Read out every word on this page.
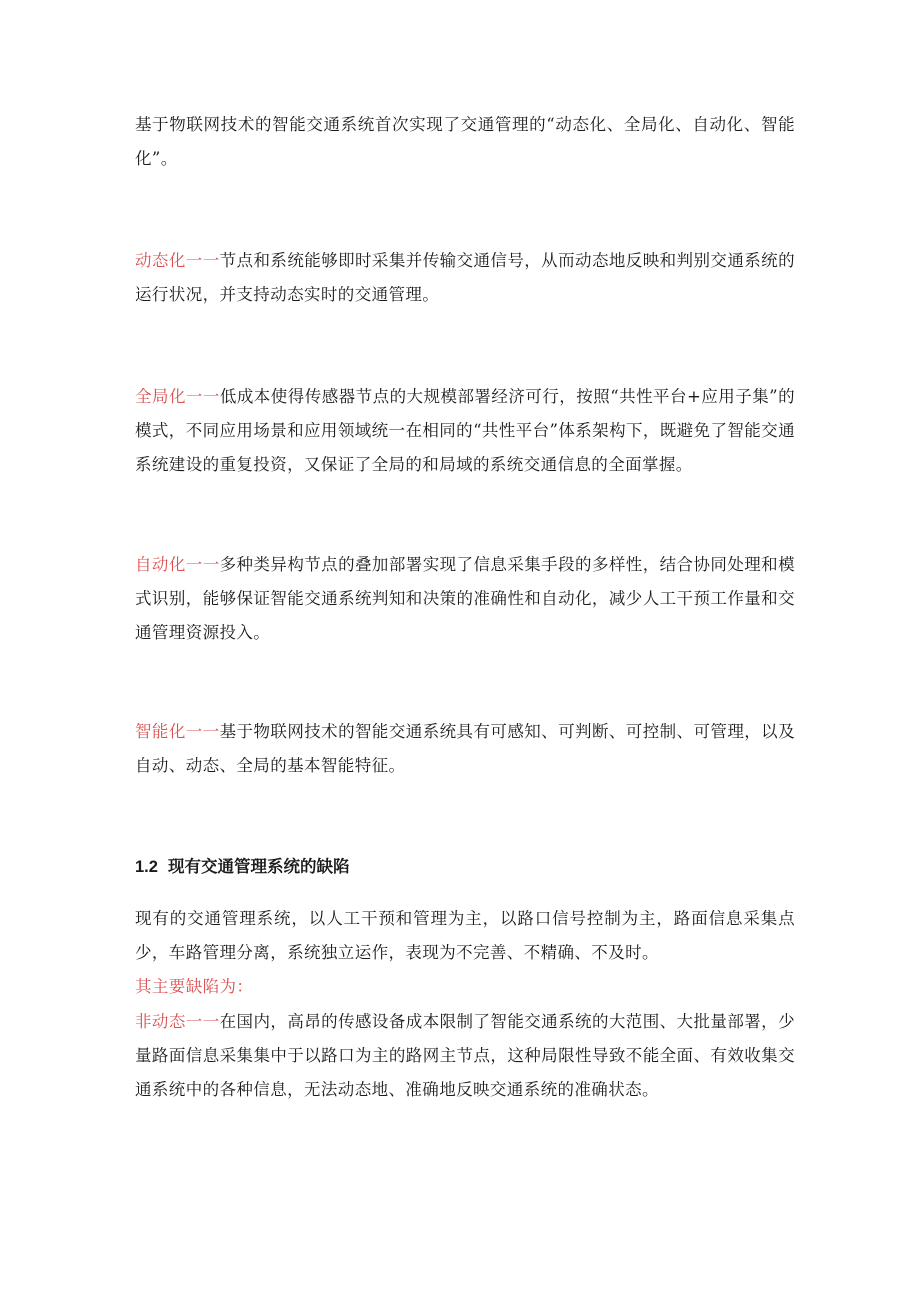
基于物联网技术的智能交通系统首次实现了交通管理的“动态化、全局化、自动化、智能化”。

动态化一一节点和系统能够即时采集并传输交通信号，从而动态地反映和判别交通系统的运行状况，并支持动态实时的交通管理。

全局化一一低成本使得传感器节点的大规模部署经济可行，按照“共性平台+应用子集”的模式，不同应用场景和应用领域统一在相同的“共性平台”体系架构下，既避免了智能交通系统建设的重复投资，又保证了全局的和局域的系统交通信息的全面掌握。

自动化一一多种类异构节点的叠加部署实现了信息采集手段的多样性，结合协同处理和模式识别，能够保证智能交通系统判知和决策的准确性和自动化，减少人工干预工作量和交通管理资源投入。

智能化一一基于物联网技术的智能交通系统具有可感知、可判断、可控制、可管理，以及自动、动态、全局的基本智能特征。

1.2 现有交通管理系统的缺陷

现有的交通管理系统，以人工干预和管理为主，以路口信号控制为主，路面信息采集点少，车路管理分离，系统独立运作，表现为不完善、不精确、不及时。
其主要缺陷为：

非动态一一在国内，高昂的传感设备成本限制了智能交通系统的大范围、大批量部署，少量路面信息采集集中于以路口为主的路网主节点，这种局限性导致不能全面、有效收集交通系统中的各种信息，无法动态地、准确地反映交通系统的准确状态。
